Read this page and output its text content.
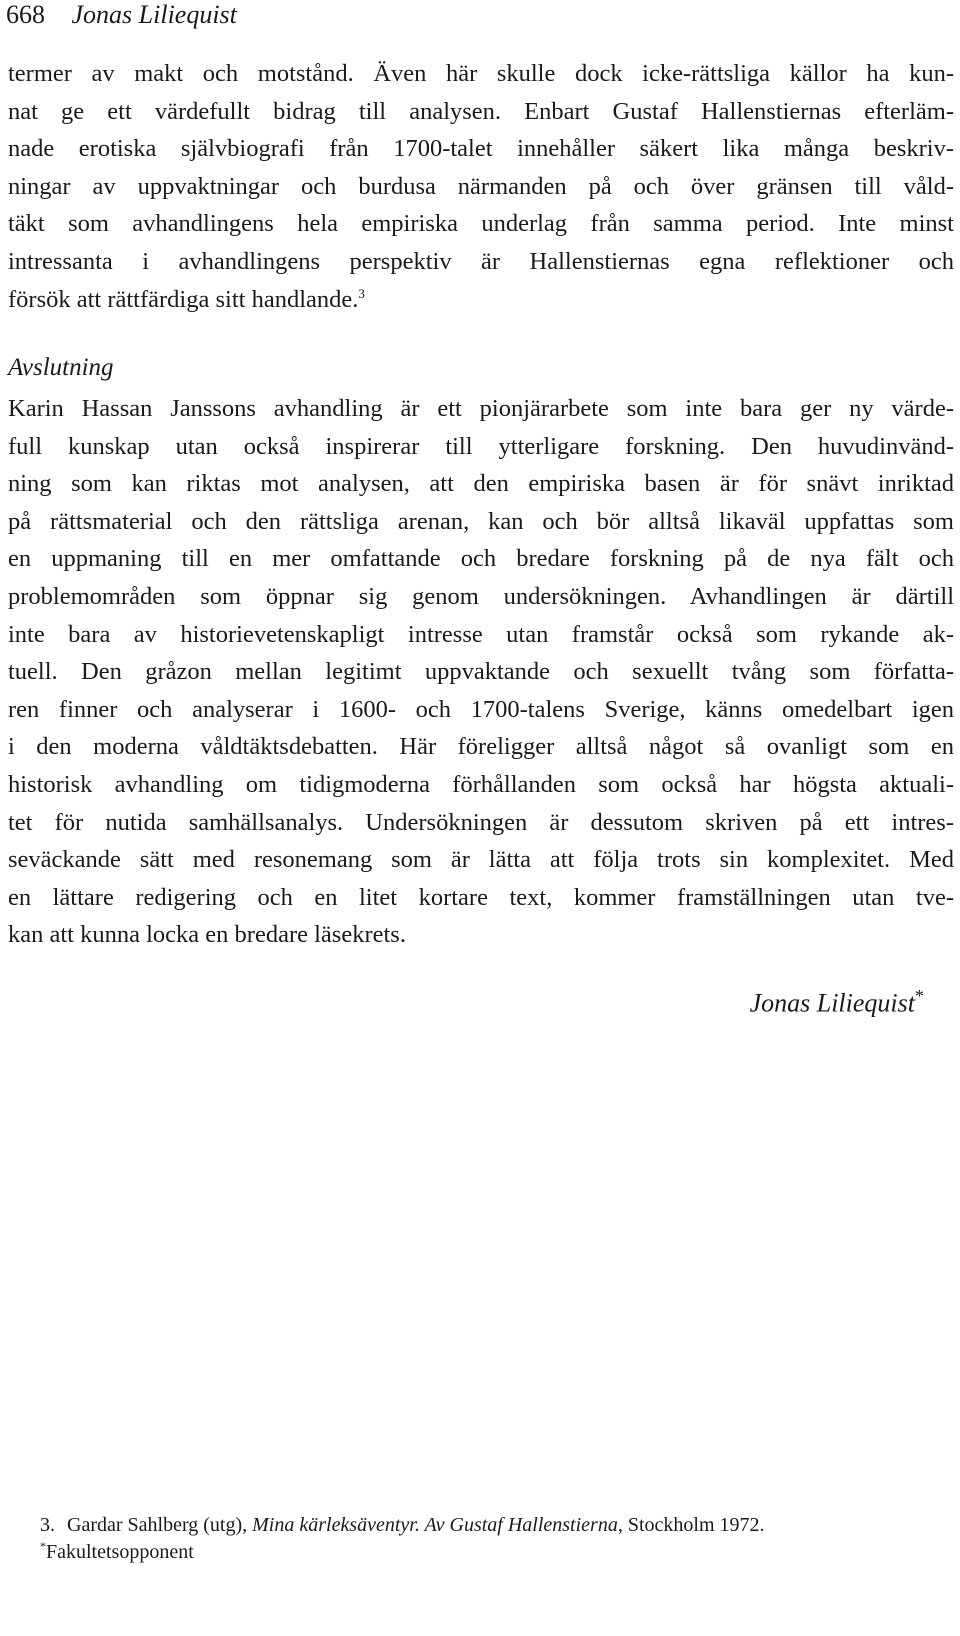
668 Jonas Liliequist
termer av makt och motstånd. Även här skulle dock icke-rättsliga källor ha kun-
nat ge ett värdefullt bidrag till analysen. Enbart Gustaf Hallenstiernas efterläm-
nade erotiska självbiografi från 1700-talet innehåller säkert lika många beskriv-
ningar av uppvaktningar och burdusa närmanden på och över gränsen till våld-
täkt som avhandlingens hela empiriska underlag från samma period. Inte minst
intressanta i avhandlingens perspektiv är Hallenstiernas egna reflektioner och
försök att rättfärdiga sitt handlande.$^3$
Avslutning
Karin Hassan Janssons avhandling är ett pionjärarbete som inte bara ger ny värde-
full kunskap utan också inspirerar till ytterligare forskning. Den huvudinvänd-
ning som kan riktas mot analysen, att den empiriska basen är för snävt inriktad
på rättsmaterial och den rättsliga arenan, kan och bör alltså likaväl uppfattas som
en uppmaning till en mer omfattande och bredare forskning på de nya fält och
problemområden som öppnar sig genom undersökningen. Avhandlingen är därtill
inte bara av historievetenskapligt intresse utan framstår också som rykande ak-
tuell. Den gråzon mellan legitimt uppvaktande och sexuellt tvång som författa-
ren finner och analyserar i 1600- och 1700-talens Sverige, känns omedelbart igen
i den moderna våldtäktsdebatten. Här föreligger alltså något så ovanligt som en
historisk avhandling om tidigmoderna förhållanden som också har högsta aktuali-
tet för nutida samhällsanalys. Undersökningen är dessutom skriven på ett intres-
seväckande sätt med resonemang som är lätta att följa trots sin komplexitet. Med
en lättare redigering och en litet kortare text, kommer framställningen utan tve-
kan att kunna locka en bredare läsekrets.
Jonas Liliequist*
3. Gardar Sahlberg (utg), Mina kärleksäventyr. Av Gustaf Hallenstierna, Stockholm 1972.
*Fakultetsopponent
